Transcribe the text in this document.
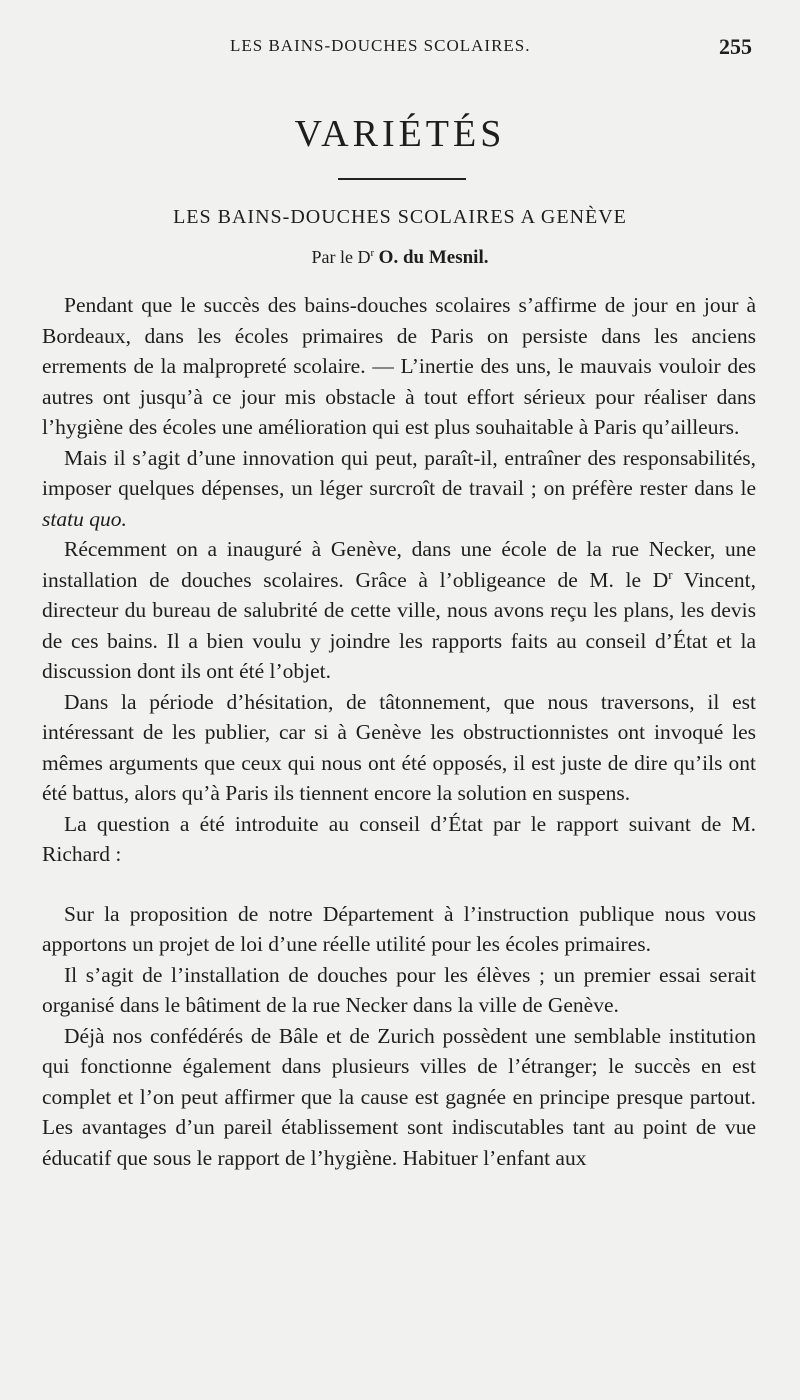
LES BAINS-DOUCHES SCOLAIRES.	255
VARIÉTÉS
LES BAINS-DOUCHES SCOLAIRES A GENÈVE
Par le $D^r$ O. du Mesnil.

Pendant que le succès des bains-douches scolaires s’affirme de jour en jour à Bordeaux, dans les écoles primaires de Paris on persiste dans les anciens errements de la malpropreté scolaire. — L’inertie des uns, le mauvais vouloir des autres ont jusqu’à ce jour mis obstacle à tout effort sérieux pour réaliser dans l’hygiène des écoles une amélioration qui est plus souhaitable à Paris qu’ailleurs.

Mais il s’agit d’une innovation qui peut, paraît-il, entraîner des responsabilités, imposer quelques dépenses, un léger surcroît de travail ; on préfère rester dans le statu quo.

Récemment on a inauguré à Genève, dans une école de la rue Necker, une installation de douches scolaires. Grâce à l’obligeance de M. le $D^r$ Vincent, directeur du bureau de salubrité de cette ville, nous avons reçu les plans, les devis de ces bains. Il a bien voulu y joindre les rapports faits au conseil d’État et la discussion dont ils ont été l’objet.

Dans la période d’hésitation, de tâtonnement, que nous traversons, il est intéressant de les publier, car si à Genève les obstructionnistes ont invoqué les mêmes arguments que ceux qui nous ont été opposés, il est juste de dire qu’ils ont été battus, alors qu’à Paris ils tiennent encore la solution en suspens.

La question a été introduite au conseil d’État par le rapport suivant de M. Richard :

Sur la proposition de notre Département à l’instruction publique nous vous apportons un projet de loi d’une réelle utilité pour les écoles primaires.

Il s’agit de l’installation de douches pour les élèves ; un premier essai serait organisé dans le bâtiment de la rue Necker dans la ville de Genève.

Déjà nos confédérés de Bâle et de Zurich possèdent une semblable institution qui fonctionne également dans plusieurs villes de l’étranger; le succès en est complet et l’on peut affirmer que la cause est gagnée en principe presque partout. Les avantages d’un pareil établissement sont indiscutables tant au point de vue éducatif que sous le rapport de l’hygiène. Habituer l’enfant aux
